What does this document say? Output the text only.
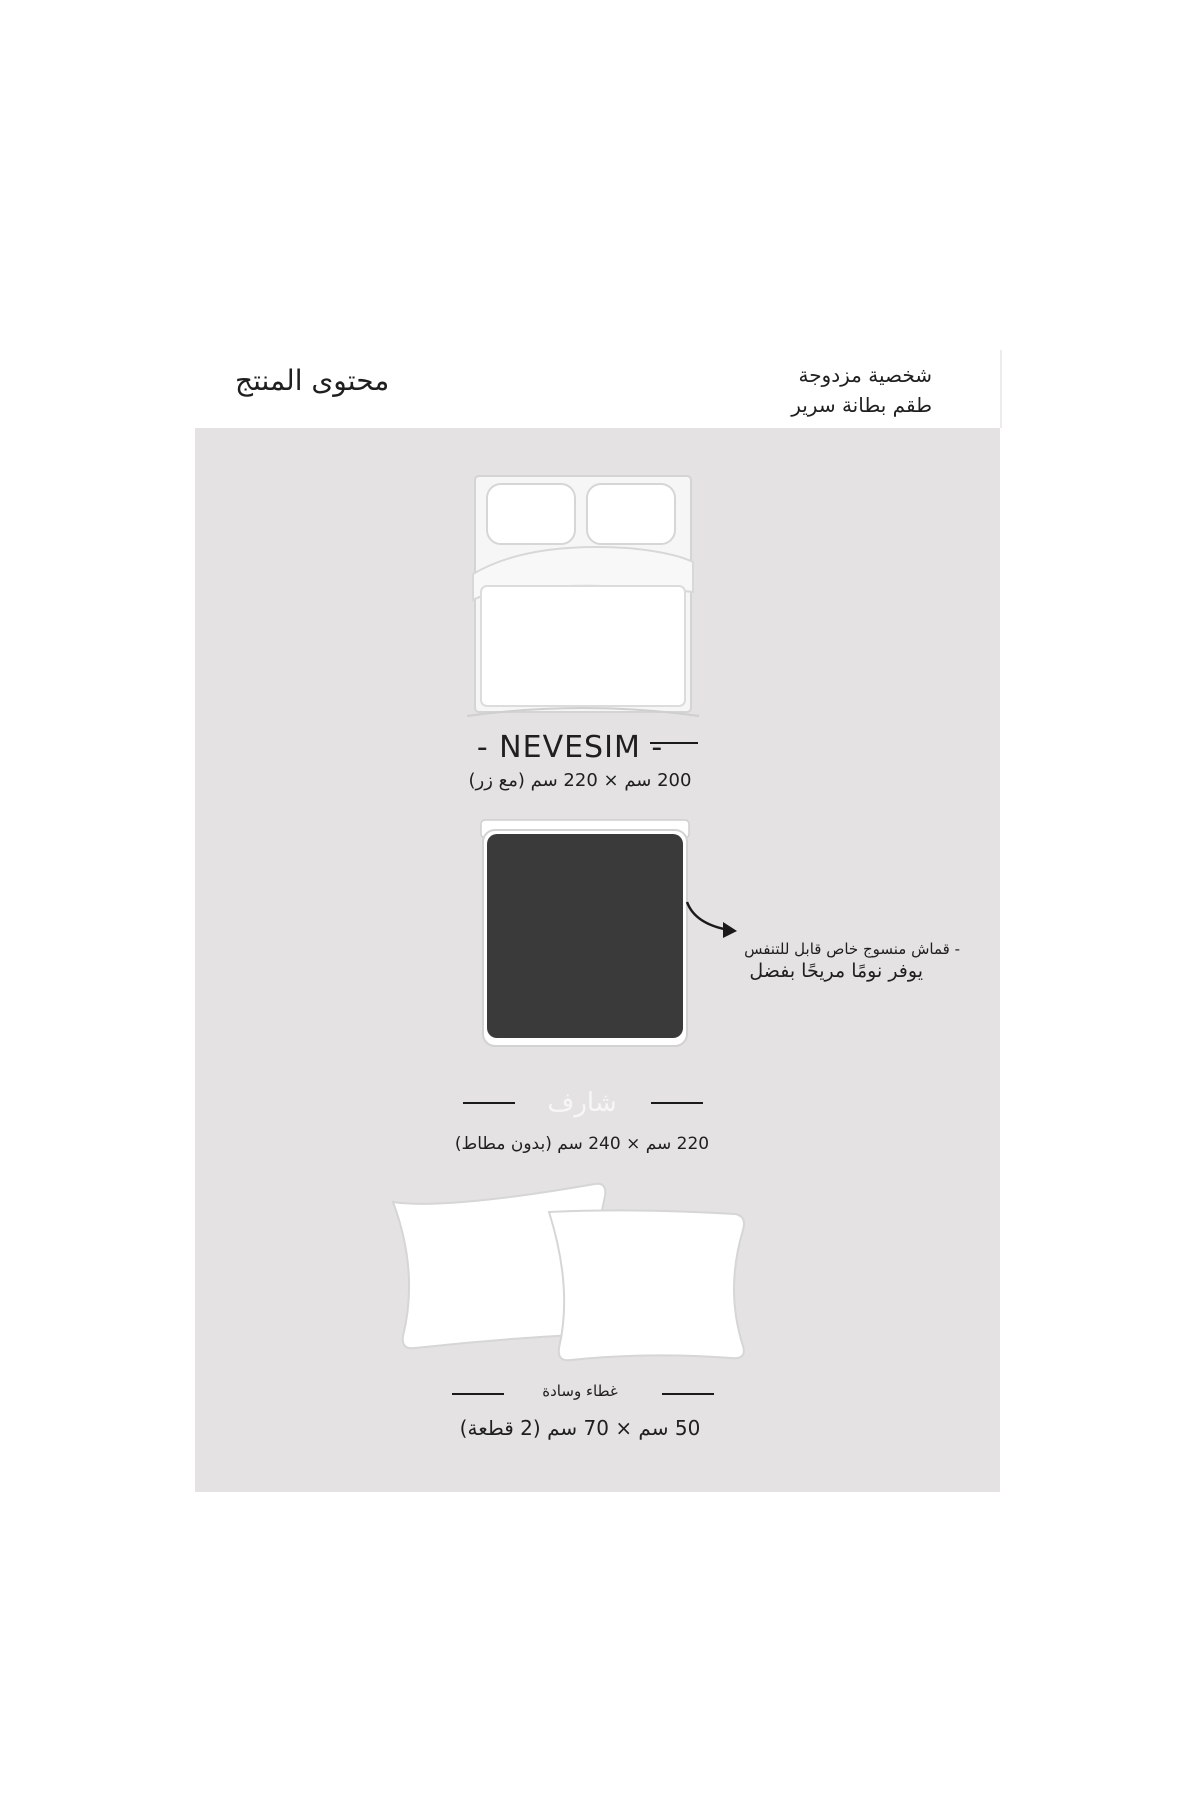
محتوى المنتج	شخصية مزدوجة
طقم بطانة سرير
- NEVESIM -
200 سم × 220 سم (مع زر)
- قماش منسوج خاص قابل للتنفس
يوفر نومًا مريحًا بفضل
شارف
220 سم × 240 سم (بدون مطاط)
غطاء وسادة
50 سم × 70 سم (2 قطعة)
